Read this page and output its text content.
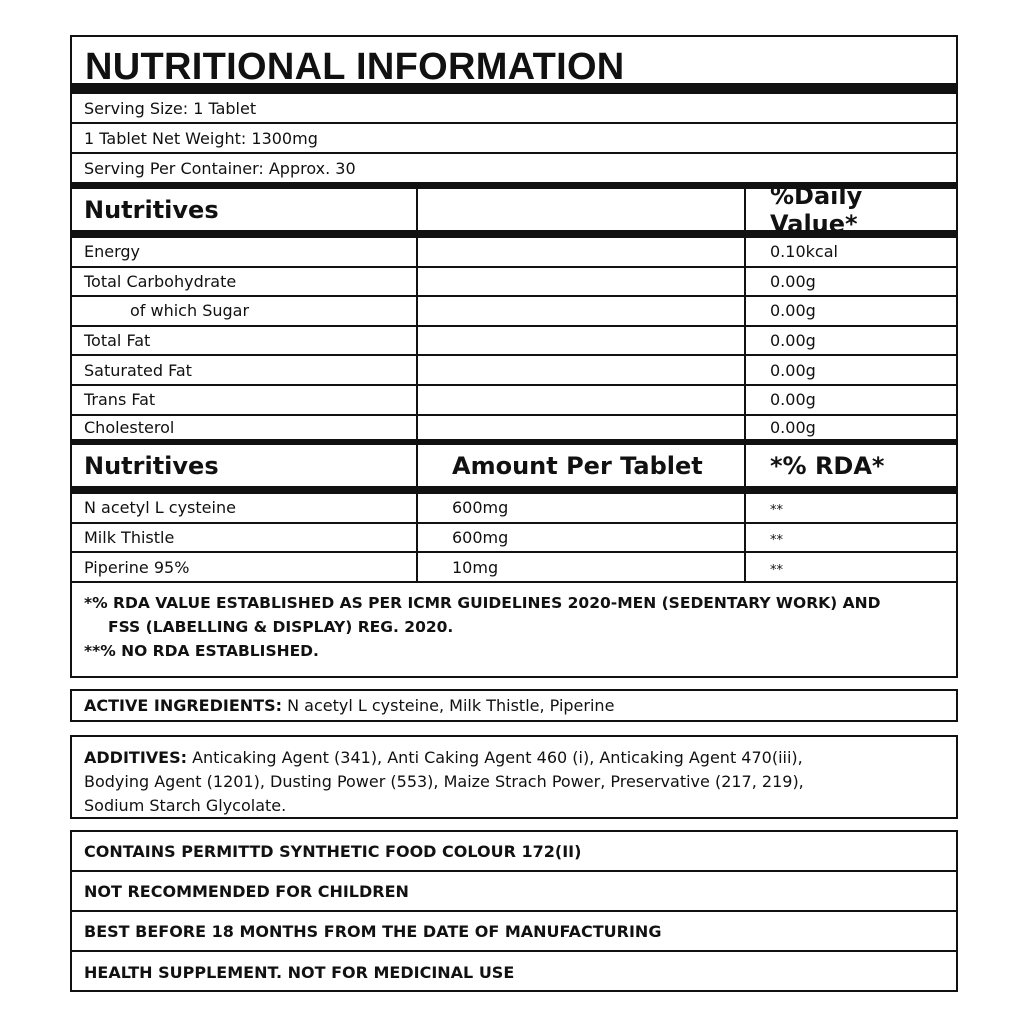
NUTRITIONAL INFORMATION
Serving Size: 1 Tablet
1 Tablet Net Weight: 1300mg
Serving Per Container: Approx. 30
Nutritives	%Daily Value*
Energy	0.10kcal
Total Carbohydrate	0.00g
of which Sugar	0.00g
Total Fat	0.00g
Saturated Fat	0.00g
Trans Fat	0.00g
Cholesterol	0.00g
Nutritives	Amount Per Tablet	*% RDA*
N acetyl L cysteine	600mg	**
Milk Thistle	600mg	**
Piperine 95%	10mg	**
*% RDA VALUE ESTABLISHED AS PER ICMR GUIDELINES 2020-MEN (SEDENTARY WORK) AND
FSS (LABELLING & DISPLAY) REG. 2020.
**% NO RDA ESTABLISHED.
ACTIVE INGREDIENTS: N acetyl L cysteine, Milk Thistle, Piperine
ADDITIVES: Anticaking Agent (341), Anti Caking Agent 460 (i), Anticaking Agent 470(iii),
Bodying Agent (1201), Dusting Power (553), Maize Strach Power, Preservative (217, 219),
Sodium Starch Glycolate.
CONTAINS PERMITTD SYNTHETIC FOOD COLOUR 172(II)
NOT RECOMMENDED FOR CHILDREN
BEST BEFORE 18 MONTHS FROM THE DATE OF MANUFACTURING
HEALTH SUPPLEMENT. NOT FOR MEDICINAL USE
